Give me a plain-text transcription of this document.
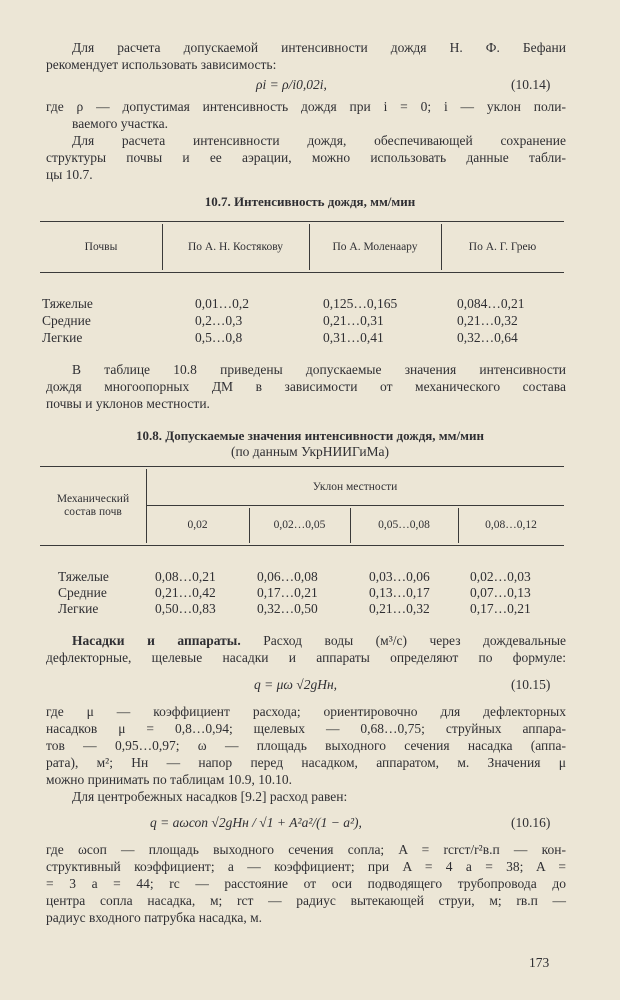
Для расчета допускаемой интенсивности дождя Н. Ф. Бефани
рекомендует использовать зависимость:
ρi = ρ/i0,02i,	(10.14)
где ρ — допустимая интенсивность дождя при i = 0; i — уклон поли-
ваемого участка.
Для расчета интенсивности дождя, обеспечивающей сохранение
структуры почвы и ее аэрации, можно использовать данные табли-
цы 10.7.
10.7. Интенсивность дождя, мм/мин
Почвы	По А. Н. Костякову	По А. Моленаару	По А. Г. Грею
Тяжелые	0,01…0,2	0,125…0,165	0,084…0,21
Средние	0,2…0,3	0,21…0,31	0,21…0,32
Легкие	0,5…0,8	0,31…0,41	0,32…0,64
В таблице 10.8 приведены допускаемые значения интенсивности
дождя многоопорных ДМ в зависимости от механического состава
почвы и уклонов местности.
10.8. Допускаемые значения интенсивности дождя, мм/мин
(по данным УкрНИИГиМа)
Механический состав почв
Уклон местности
0,02	0,02…0,05	0,05…0,08	0,08…0,12
Тяжелые	0,08…0,21	0,06…0,08	0,03…0,06	0,02…0,03
Средние	0,21…0,42	0,17…0,21	0,13…0,17	0,07…0,13
Легкие	0,50…0,83	0,32…0,50	0,21…0,32	0,17…0,21
Насадки и аппараты. Расход воды (м³/с) через дождевальные
дефлекторные, щелевые насадки и аппараты определяют по формуле:
q = μω √2gHн,	(10.15)
где μ — коэффициент расхода; ориентировочно для дефлекторных
насадков μ = 0,8…0,94; щелевых — 0,68…0,75; струйных аппара-
тов — 0,95…0,97; ω — площадь выходного сечения насадка (аппа-
рата), м²; Hн — напор перед насадком, аппаратом, м. Значения μ
можно принимать по таблицам 10.9, 10.10.
Для центробежных насадков [9.2] расход равен:
q = aωсоп √2gHн / √1 + A²a²/(1 − a²),	(10.16)
где ωсоп — площадь выходного сечения сопла; A = rcrст/r²в.п — кон-
структивный коэффициент; a — коэффициент; при A = 4 a = 38; A =
= 3 a = 44; rc — расстояние от оси подводящего трубопровода до
центра сопла насадка, м; rст — радиус вытекающей струи, м; rв.п —
радиус входного патрубка насадка, м.
173
